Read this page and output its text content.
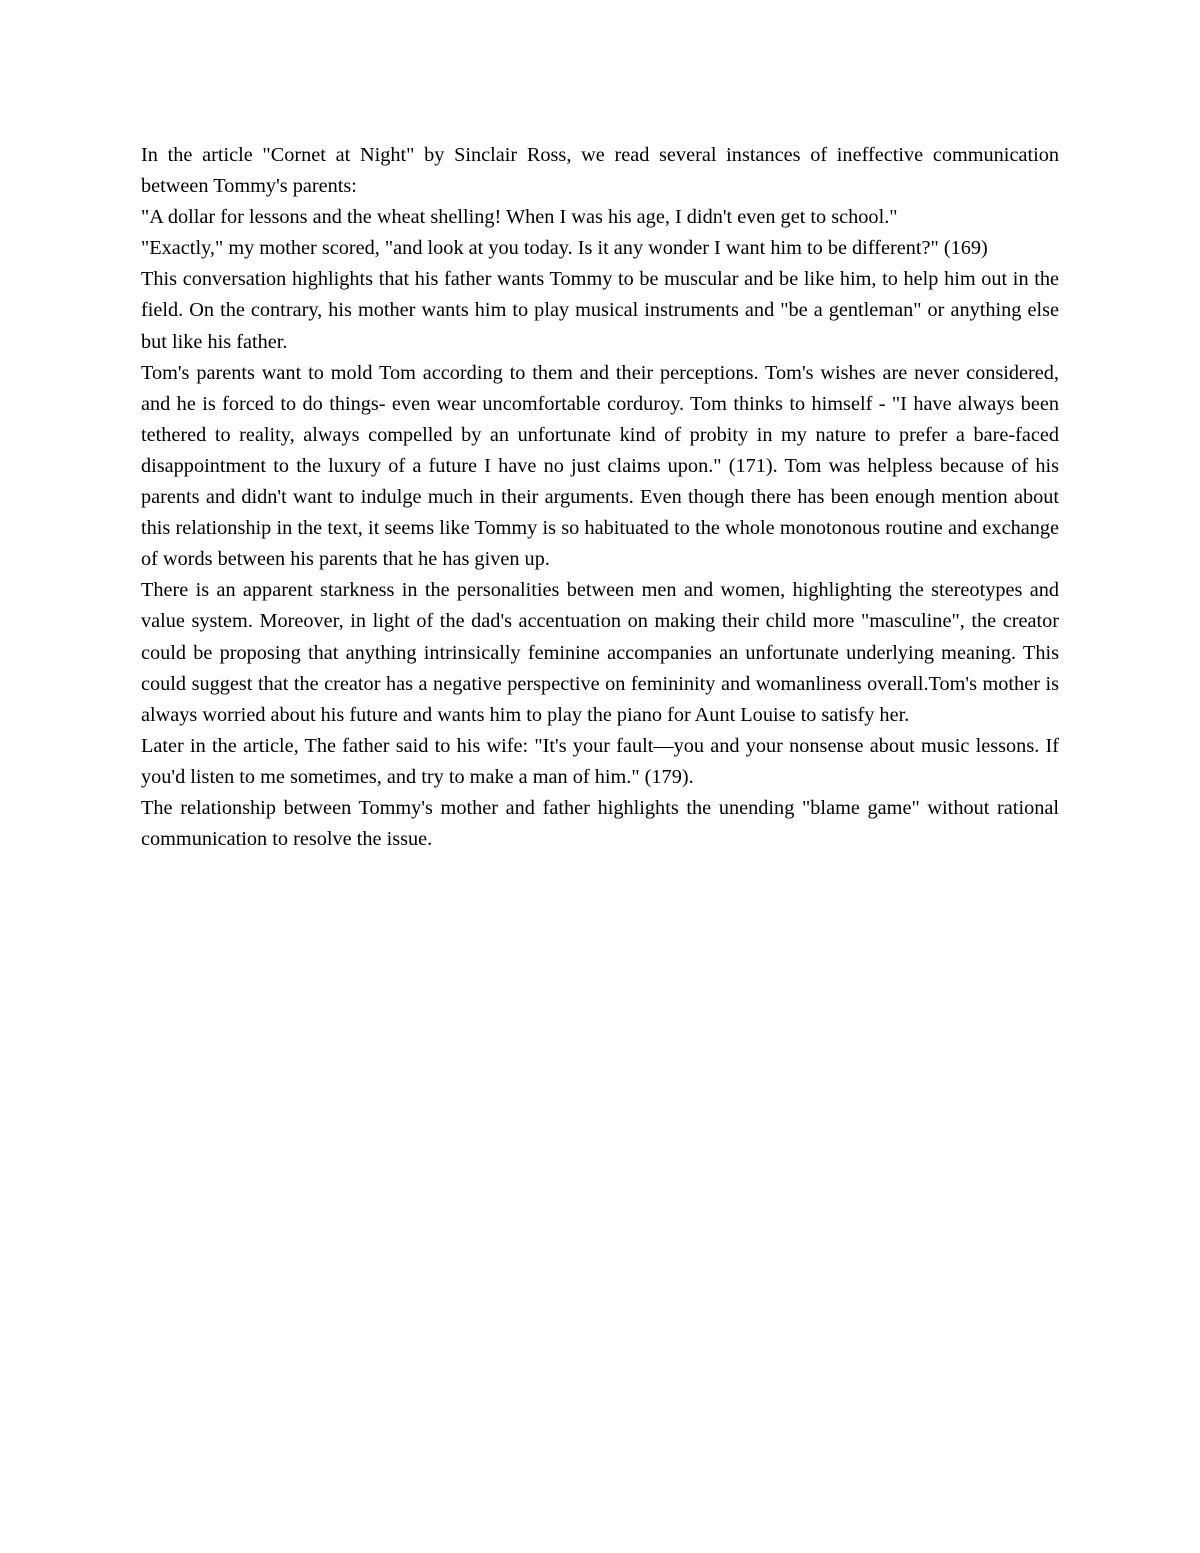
In the article "Cornet at Night" by Sinclair Ross, we read several instances of ineffective communication between Tommy's parents:

"A dollar for lessons and the wheat shelling! When I was his age, I didn't even get to school."

"Exactly," my mother scored, "and look at you today. Is it any wonder I want him to be different?" (169)

This conversation highlights that his father wants Tommy to be muscular and be like him, to help him out in the field. On the contrary, his mother wants him to play musical instruments and "be a gentleman" or anything else but like his father.

Tom's parents want to mold Tom according to them and their perceptions. Tom's wishes are never considered, and he is forced to do things- even wear uncomfortable corduroy. Tom thinks to himself - "I have always been tethered to reality, always compelled by an unfortunate kind of probity in my nature to prefer a bare-faced disappointment to the luxury of a future I have no just claims upon." (171). Tom was helpless because of his parents and didn't want to indulge much in their arguments. Even though there has been enough mention about this relationship in the text, it seems like Tommy is so habituated to the whole monotonous routine and exchange of words between his parents that he has given up.

There is an apparent starkness in the personalities between men and women, highlighting the stereotypes and value system. Moreover, in light of the dad's accentuation on making their child more "masculine", the creator could be proposing that anything intrinsically feminine accompanies an unfortunate underlying meaning. This could suggest that the creator has a negative perspective on femininity and womanliness overall.Tom's mother is always worried about his future and wants him to play the piano for Aunt Louise to satisfy her.

Later in the article, The father said to his wife: "It's your fault—you and your nonsense about music lessons. If you'd listen to me sometimes, and try to make a man of him." (179).

The relationship between Tommy's mother and father highlights the unending "blame game" without rational communication to resolve the issue.
